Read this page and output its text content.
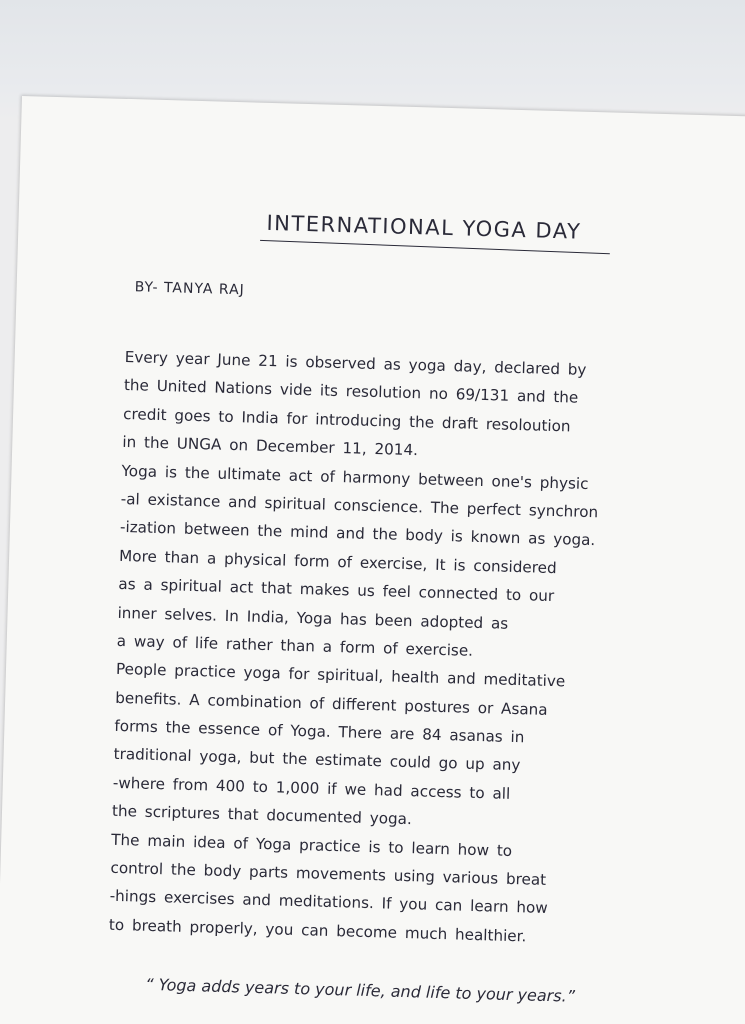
INTERNATIONAL YOGA DAY
BY- TANYA RAJ

Every year June 21 is observed as yoga day, declared by

the United Nations vide its resolution no 69/131 and the

credit goes to India for introducing the draft resoloution

in the UNGA on December 11, 2014.

Yoga is the ultimate act of harmony between one's physic

-al existance and spiritual conscience. The perfect synchron

-ization between the mind and the body is known as yoga.

More than a physical form of exercise, It is considered

as a spiritual act that makes us feel connected to our

inner selves. In India, Yoga has been adopted as

a way of life rather than a form of exercise.

People practice yoga for spiritual, health and meditative

benefits. A combination of different postures or Asana

forms the essence of Yoga. There are 84 asanas in

traditional yoga, but the estimate could go up any

-where from 400 to 1,000 if we had access to all

the scriptures that documented yoga.

The main idea of Yoga practice is to learn how to

control the body parts movements using various breat

-hings exercises and meditations. If you can learn how

to breath properly, you can become much healthier.

“ Yoga adds years to your life, and life to your years.”
